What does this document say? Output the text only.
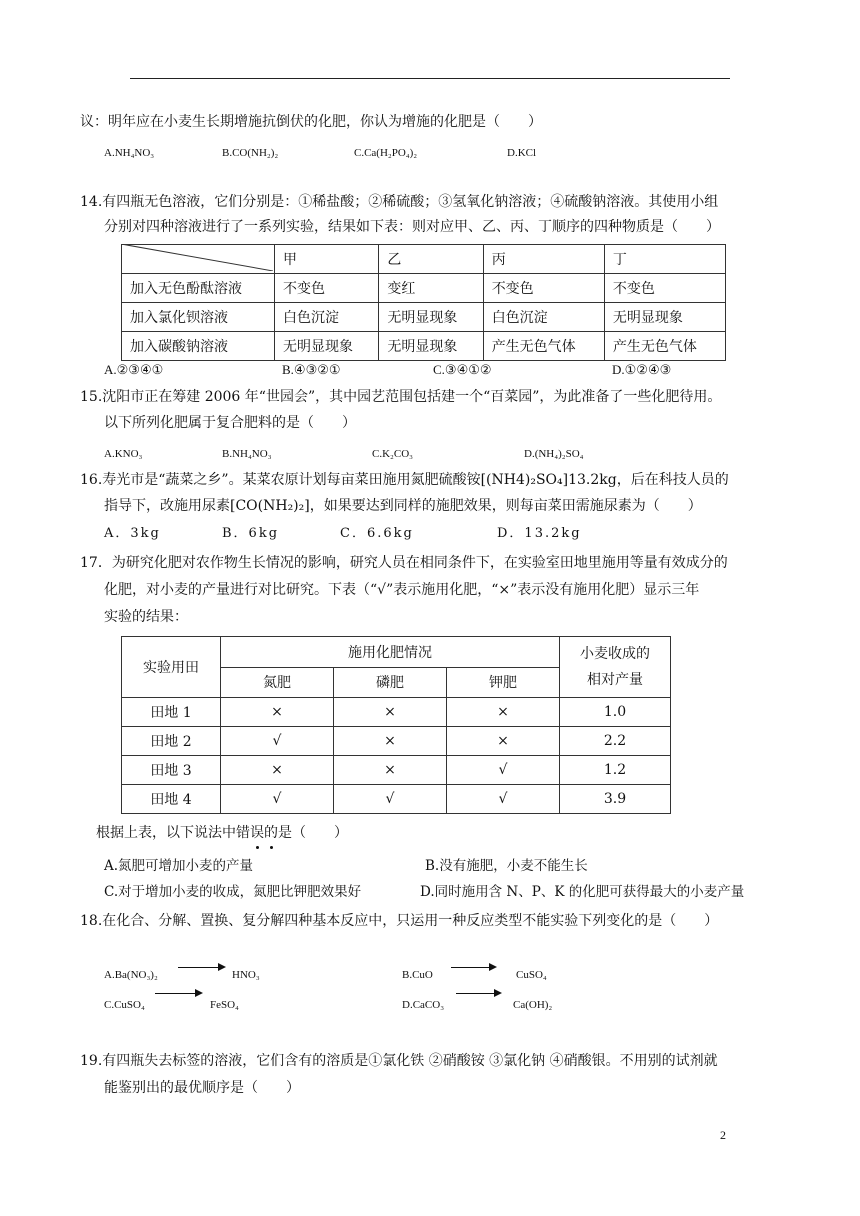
议：明年应在小麦生长期增施抗倒伏的化肥，你认为增施的化肥是（　　）
A.NH₄NO₃	B.CO(NH₂)₂	C.Ca(H₂PO₄)₂	D.KCl
14.有四瓶无色溶液，它们分别是：①稀盐酸；②稀硫酸；③氢氧化钠溶液；④硫酸钠溶液。其使用小组
分别对四种溶液进行了一系列实验，结果如下表：则对应甲、乙、丙、丁顺序的四种物质是（　　）
	甲	乙	丙	丁
加入无色酚酞溶液	不变色	变红	不变色	不变色
加入氯化钡溶液	白色沉淀	无明显现象	白色沉淀	无明显现象
加入碳酸钠溶液	无明显现象	无明显现象	产生无色气体	产生无色气体
A.②③④①	B.④③②①	C.③④①②	D.①②④③
15.沈阳市正在筹建 2006 年“世园会”，其中园艺范围包括建一个“百菜园”，为此准备了一些化肥待用。
以下所列化肥属于复合肥料的是（　　）
A.KNO₃	B.NH₄NO₃	C.K₂CO₃	D.(NH₄)₂SO₄
16.寿光市是“蔬菜之乡”。某菜农原计划每亩菜田施用氮肥硫酸铵[(NH4)₂SO₄]13.2kg，后在科技人员的
指导下，改施用尿素[CO(NH₂)₂]，如果要达到同样的施肥效果，则每亩菜田需施尿素为（　　）
A．3kg	B．6kg	C．6.6kg	D．13.2kg
17．为研究化肥对农作物生长情况的影响，研究人员在相同条件下，在实验室田地里施用等量有效成分的
化肥，对小麦的产量进行对比研究。下表（“√”表示施用化肥，“×”表示没有施用化肥）显示三年
实验的结果：
实验用田	施用化肥情况			小麦收成的
相对产量

	氮肥	磷肥	钾肥	
田地 1	×	×	×	1.0
田地 2	√	×	×	2.2
田地 3	×	×	√	1.2
田地 4	√	√	√	3.9
根据上表，以下说法中错误的是（　　）
A.氮肥可增加小麦的产量	B.没有施肥，小麦不能生长
C.对于增加小麦的收成，氮肥比钾肥效果好	D.同时施用含 N、P、K 的化肥可获得最大的小麦产量
18.在化合、分解、置换、复分解四种基本反应中，只运用一种反应类型不能实验下列变化的是（　　）
A.Ba(NO₃)₂	HNO₃	B.CuO	CuSO₄
C.CuSO₄	FeSO₄	D.CaCO₃	Ca(OH)₂
19.有四瓶失去标签的溶液，它们含有的溶质是①氯化铁 ②硝酸铵 ③氯化钠 ④硝酸银。不用别的试剂就
能鉴别出的最优顺序是（　　）
2
